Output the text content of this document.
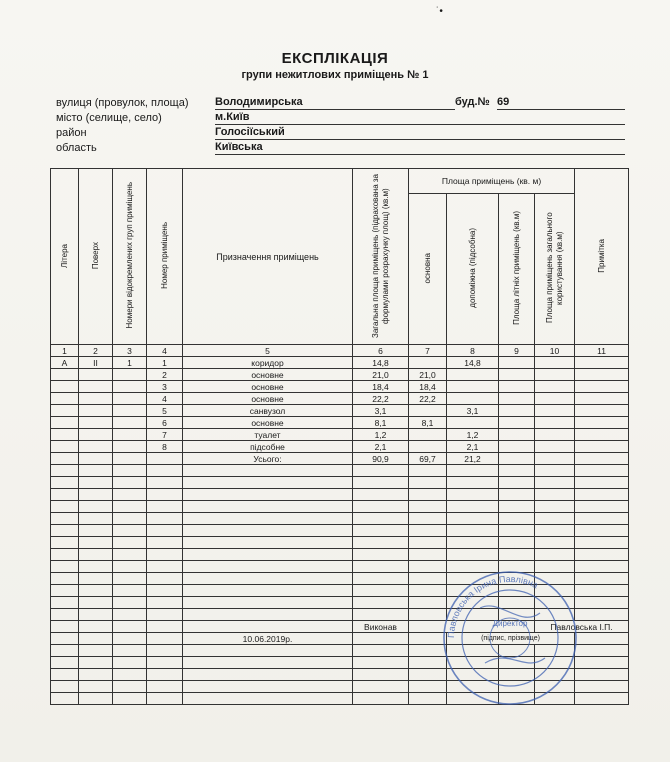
˙•
ЕКСПЛІКАЦІЯ
групи нежитлових приміщень № 1
вулиця (провулок, площа) Володимирська	буд.№ 69
місто (селище, село)	м.Київ
район	Голосіїський
область	Київська
Літера	Поверх	Номери відокремлених груп приміщень	Номер приміщень	Призначення приміщень	Загальна площа приміщень (підрахована за формулами розрахунку площ) (кв.м)	Площа приміщень (кв. м)				Примітка
						основна	допоміжна (підсобна)	Площа літніх приміщень (кв.м)	Площа приміщень загального користування (кв.м)	
1	2	3	4	5	6	7	8	9	10	11
А	ІІ	1	1	коридор	14,8		14,8			
			2	основне	21,0	21,0				
			3	основне	18,4	18,4				
			4	основне	22,2	22,2				
			5	санвузол	3,1		3,1			
			6	основне	8,1	8,1				
			7	туалет	1,2		1,2			
			8	підсобне	2,1		2,1			
				Усього:	90,9	69,7	21,2			

					Виконав				Павловська І.П.	
				10.06.2019р.			(підпис, прізвище)			

Павловська Ірина Павлівна
Директор
